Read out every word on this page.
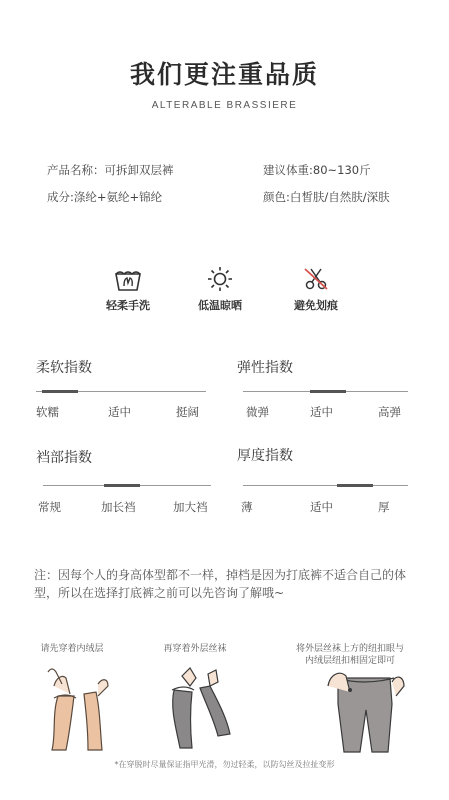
我们更注重品质
ALTERABLE BRASSIERE
产品名称：可拆卸双层裤	建议体重:80~130斤
成分:涤纶+氨纶+锦纶	颜色:白皙肤/自然肤/深肤
轻柔手洗	低温晾晒	避免划痕
柔软指数
软糯	适中	挺阔
弹性指数
微弹	适中	高弹
裆部指数
常规	加长裆	加大裆
厚度指数
薄	适中	厚
注：因每个人的身高体型都不一样，掉档是因为打底裤不适合自己的体型，所以在选择打底裤之前可以先咨询了解哦~
请先穿着内绒层	再穿着外层丝袜	将外层丝袜上方的纽扣眼与
内绒层纽扣相固定即可
*在穿脱时尽量保证指甲光滑，勿过轻柔，以防勾丝及拉扯变形
